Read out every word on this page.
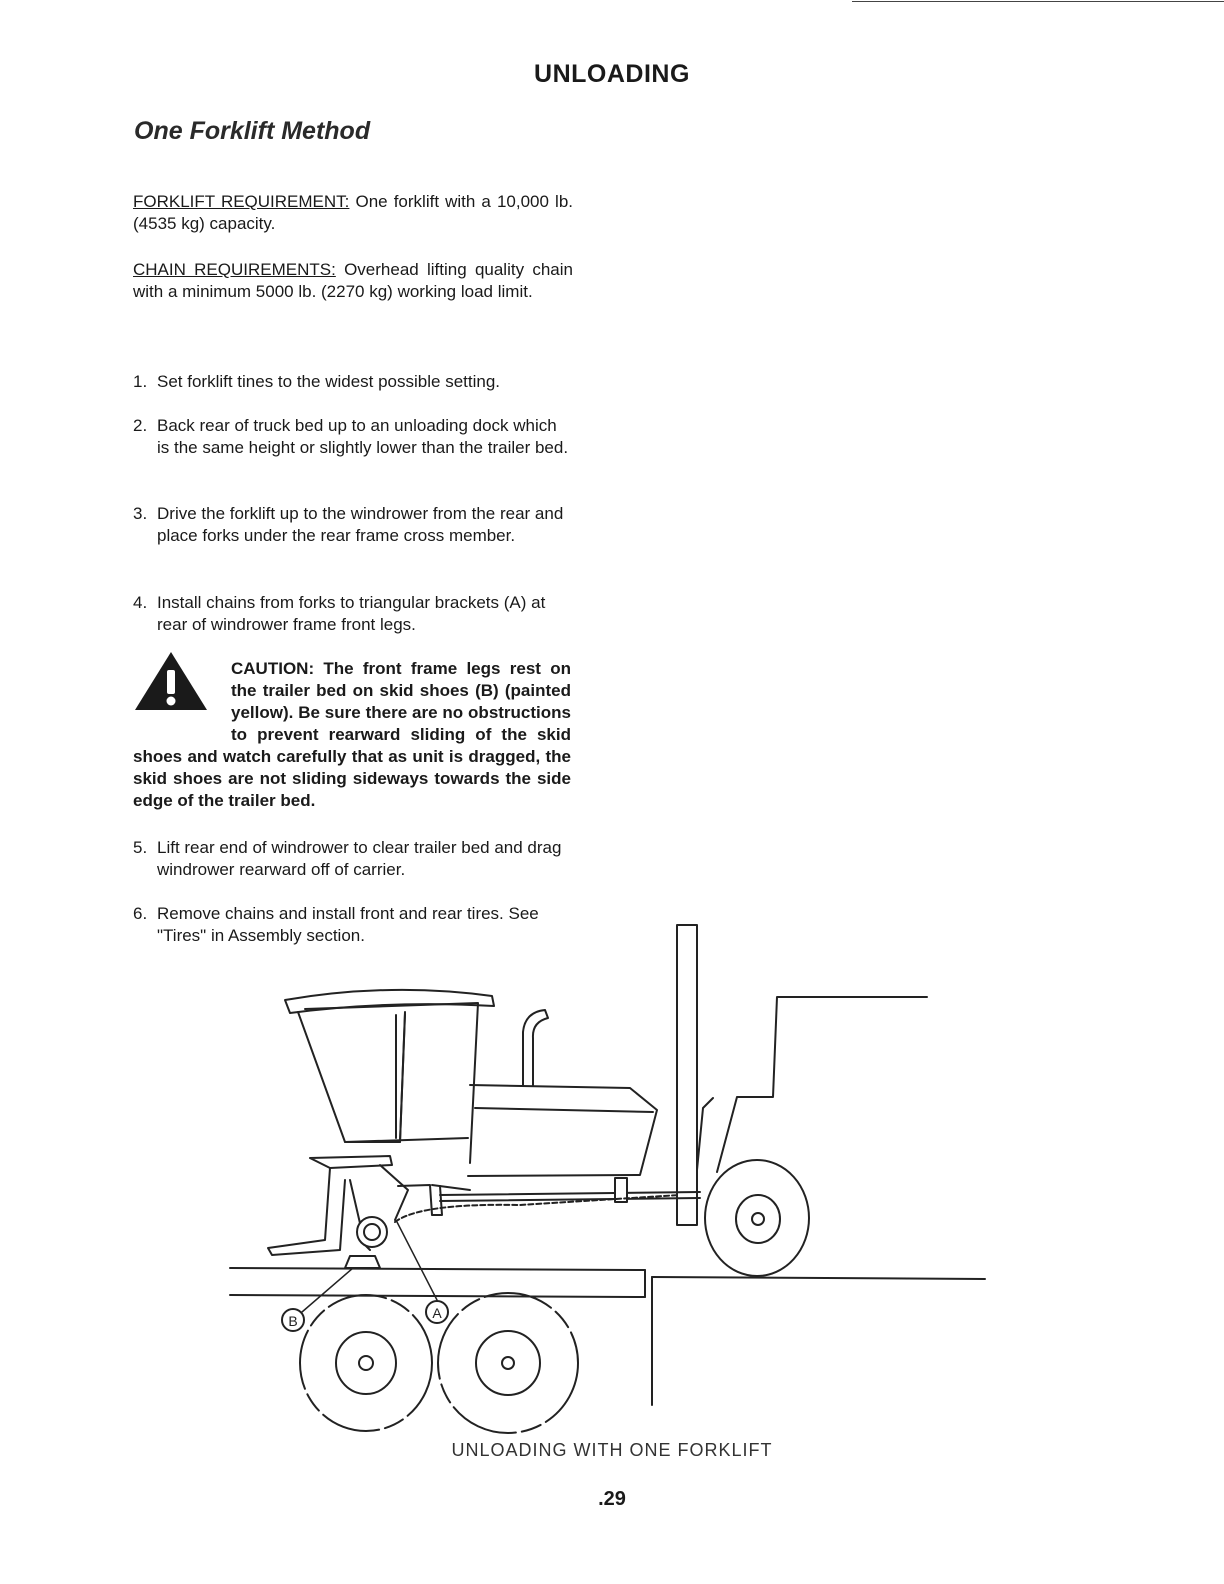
UNLOADING
One Forklift Method
FORKLIFT REQUIREMENT: One forklift with a 10,000 lb. (4535 kg) capacity.
CHAIN REQUIREMENTS: Overhead lifting quality chain with a minimum 5000 lb. (2270 kg) working load limit.
1. Set forklift tines to the widest possible setting.
2. Back rear of truck bed up to an unloading dock which is the same height or slightly lower than the trailer bed.
3. Drive the forklift up to the windrower from the rear and place forks under the rear frame cross member.
4. Install chains from forks to triangular brackets (A) at rear of windrower frame front legs.
CAUTION: The front frame legs rest on the trailer bed on skid shoes (B) (painted yellow). Be sure there are no obstructions to prevent rearward sliding of the skid shoes and watch carefully that as unit is dragged, the skid shoes are not sliding sideways towards the side edge of the trailer bed.
5. Lift rear end of windrower to clear trailer bed and drag windrower rearward off of carrier.
6. Remove chains and install front and rear tires. See "Tires" in Assembly section.
B	A
UNLOADING WITH ONE FORKLIFT
.29
